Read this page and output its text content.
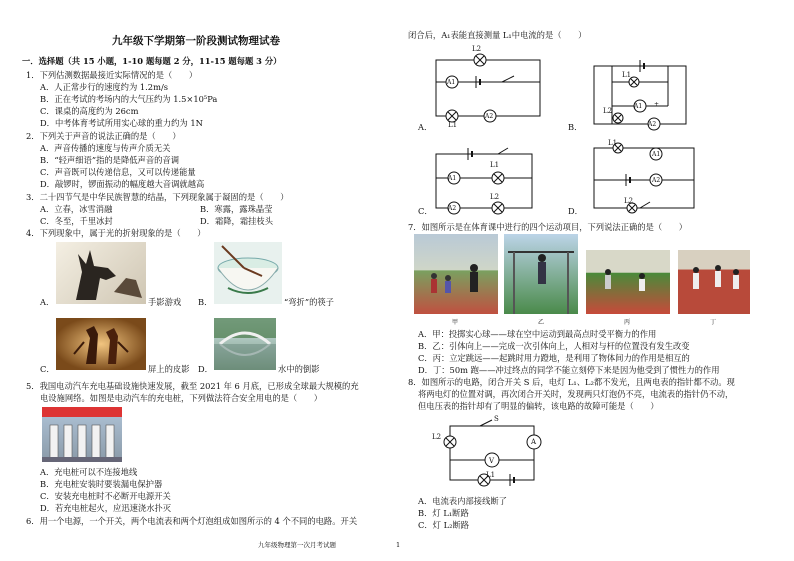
九年级下学期第一阶段测试物理试卷
一．选择题（共 15 小题，1-10 题每题 2 分，11-15 题每题 3 分）
1．下列估测数据最接近实际情况的是（　　）
A．人正常步行的速度约为 1.2m/s
B．正在考试的考场内的大气压约为 1.5×10⁵Pa
C．课桌的高度约为 26cm
D．中考体育考试所用实心球的重力约为 1N
2．下列关于声音的说法正确的是（　　）
A．声音传播的速度与传声介质无关
B．“轻声细语”指的是降低声音的音调
C．声音既可以传递信息，又可以传递能量
D．敲锣时，锣面振动的幅度越大音调就越高
3．二十四节气是中华民族智慧的结晶，下列现象属于凝固的是（　　）
A．立春，冰雪消融	B．寒露，露珠晶莹
C．冬至，千里冰封	D．霜降，霜挂枝头
4．下列现象中，属于光的折射现象的是（　　）
A．	手影游戏 B．	“弯折”的筷子
C．	屏上的皮影 D．	水中的倒影
5．我国电动汽车充电基础设施快速发展，截至 2021 年 6 月底，已形成全球最大规模的充
电设施网络。如图是电动汽车的充电桩，下列做法符合安全用电的是（　　）
A．充电桩可以不连接地线
B．充电桩安装时要装漏电保护器
C．安装充电桩时不必断开电源开关
D．若充电桩起火，应迅速浇水扑灭
6．用一个电源，一个开关，两个电流表和两个灯泡组成如图所示的 4 个不同的电路。开关
九年级物理第一次月考试题	1
闭合后，A₁表能直接测量 L₁中电流的是（　　）
L2
A1
A2
L1
A．
L1
A1
L2
A2
+
B．
L1
A1
L2
A2
C．
L1
A1
A2
L2
D．
7．如图所示是在体育课中进行的四个运动项目，下列说法正确的是（　　）
甲	乙	丙	丁
A．甲：投掷实心球——球在空中运动到最高点时受平衡力的作用
B．乙：引体向上——完成一次引体向上，人相对与杆的位置没有发生改变
C．丙：立定跳远——起跳时用力蹬地，是利用了物体间力的作用是相互的
D．丁：50m 跑——冲过终点的同学不能立刻停下来是因为他受到了惯性力的作用
8．如图所示的电路，闭合开关 S 后，电灯 L₁、L₂都不发光，且两电表的指针都不动。现
将两电灯的位置对调，再次闭合开关时，发现两只灯泡仍不亮，电流表的指针仍不动，
但电压表的指针却有了明显的偏转，该电路的故障可能是（　　）
S
L2
A
V
L1
A．电流表内部接线断了
B．灯 L₁断路
C．灯 L₂断路
